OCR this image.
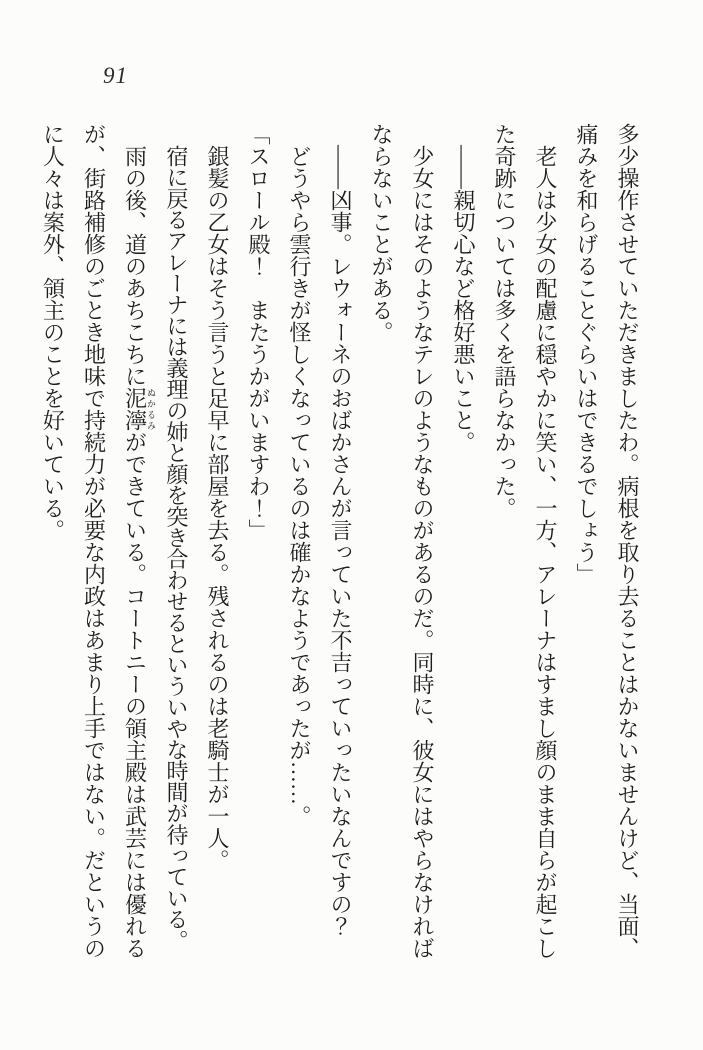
91

多少操作させていただきましたわ。病根を取り去ることはかないませんけど、当面、痛みを和らげることぐらいはできるでしょう」

老人は少女の配慮に穏やかに笑い、一方、アレーナはすまし顔のまま自らが起こした奇跡については多くを語らなかった。

――親切心など格好悪いこと。

少女にはそのようなテレのようなものがあるのだ。同時に、彼女にはやらなければならないことがある。

――凶事。レウォーネのおばかさんが言っていた不吉っていったいなんですの？

どうやら雲行きが怪しくなっているのは確かなようであったが……。

「スロール殿！　またうかがいますわ！」

銀髪の乙女はそう言うと足早に部屋を去る。残されるのは老騎士が一人。

宿に戻るアレーナには義理の姉と顔を突き合わせるといういやな時間が待っている。

雨の後、道のあちこちに泥濘ぬかるみができている。コートニーの領主殿は武芸には優れるが、街路補修のごとき地味で持続力が必要な内政はあまり上手ではない。だというのに人々は案外、領主のことを好いている。
